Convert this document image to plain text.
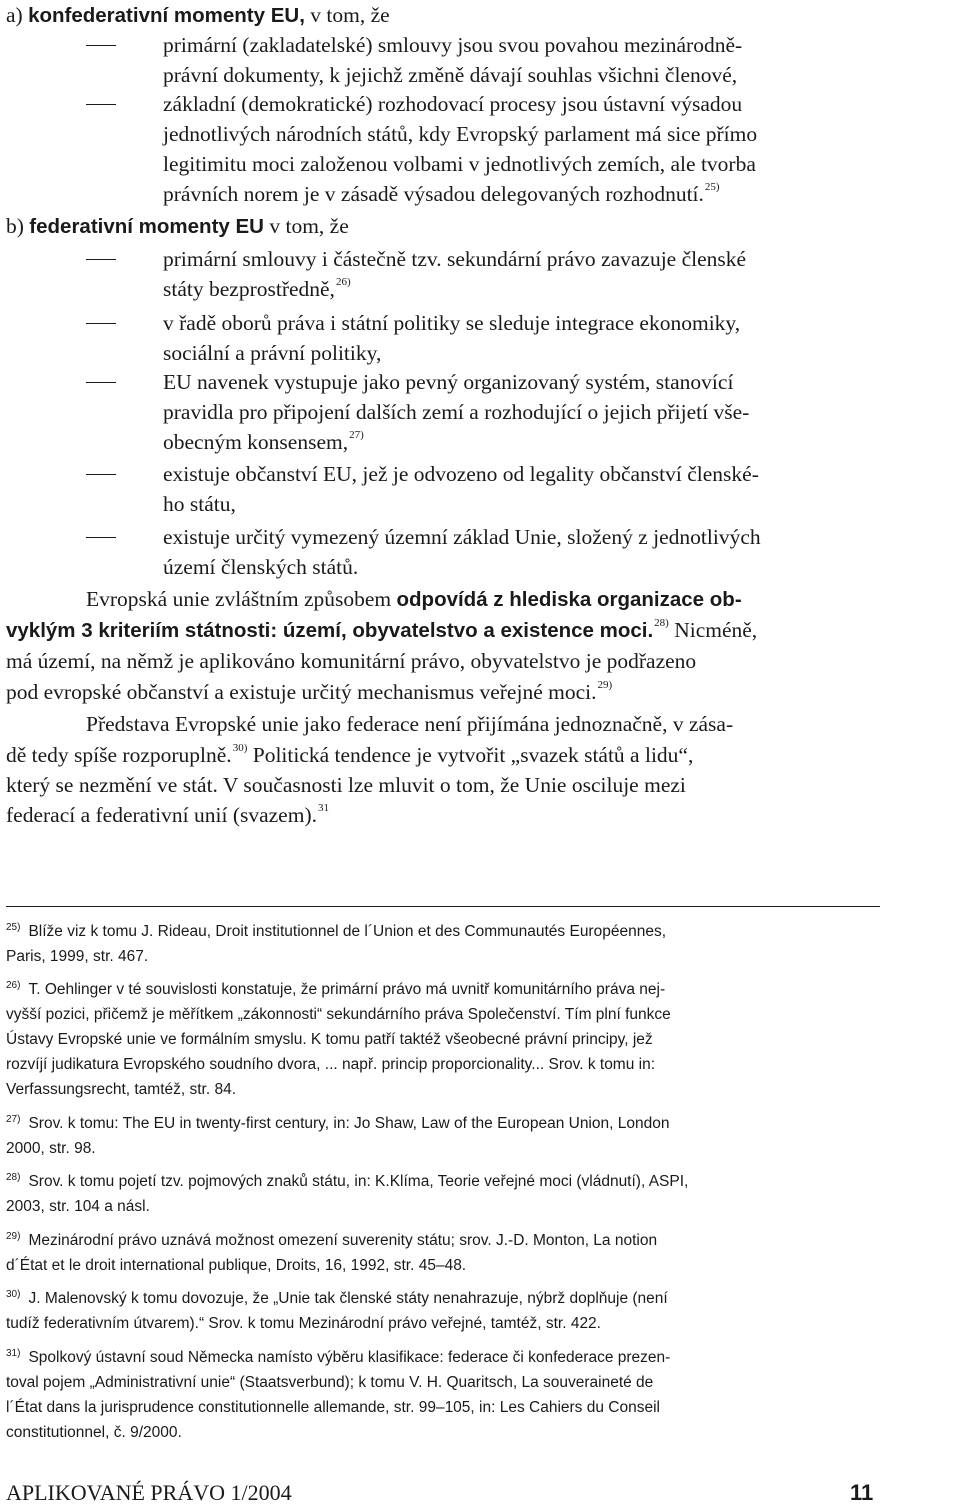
a) konfederativní momenty EU, v tom, že
primární (zakladatelské) smlouvy jsou svou povahou mezinárodně-
právní dokumenty, k jejichž změně dávají souhlas všichni členové,
základní (demokratické) rozhodovací procesy jsou ústavní výsadou
jednotlivých národních států, kdy Evropský parlament má sice přímo
legitimitu moci založenou volbami v jednotlivých zemích, ale tvorba
právních norem je v zásadě výsadou delegovaných rozhodnutí.$^{25)}$
b) federativní momenty EU v tom, že
primární smlouvy i částečně tzv. sekundární právo zavazuje členské
státy bezprostředně,$^{26)}$
v řadě oborů práva i státní politiky se sleduje integrace ekonomiky,
sociální a právní politiky,
EU navenek vystupuje jako pevný organizovaný systém, stanovící
pravidla pro připojení dalších zemí a rozhodující o jejich přijetí vše-
obecným konsensem,$^{27)}$
existuje občanství EU, jež je odvozeno od legality občanství členské-
ho státu,
existuje určitý vymezený územní základ Unie, složený z jednotlivých
území členských států.
Evropská unie zvláštním způsobem odpovídá z hlediska organizace ob-
vyklým 3 kriteriím státnosti: území, obyvatelstvo a existence moci.$^{28)}$ Nicméně,
má území, na němž je aplikováno komunitární právo, obyvatelstvo je podřazeno
pod evropské občanství a existuje určitý mechanismus veřejné moci.$^{29)}$
Představa Evropské unie jako federace není přijímána jednoznačně, v zása-
dě tedy spíše rozporuplně.$^{30)}$ Politická tendence je vytvořit „svazek států a lidu“,
který se nezmění ve stát. V současnosti lze mluvit o tom, že Unie osciluje mezi
federací a federativní unií (svazem).$^{31}$
$^{25)}$ Blíže viz k tomu J. Rideau, Droit institutionnel de l´Union et des Communautés Européennes,
Paris, 1999, str. 467.
$^{26)}$ T. Oehlinger v té souvislosti konstatuje, že primární právo má uvnitř komunitárního práva nej-
vyšší pozici, přičemž je měřítkem „zákonnosti“ sekundárního práva Společenství. Tím plní funkce
Ústavy Evropské unie ve formálním smyslu. K tomu patří taktéž všeobecné právní principy, jež
rozvíjí judikatura Evropského soudního dvora, ... např. princip proporcionality... Srov. k tomu in:
Verfassungsrecht, tamtéž, str. 84.
$^{27)}$ Srov. k tomu: The EU in twenty-first century, in: Jo Shaw, Law of the European Union, London
2000, str. 98.
$^{28)}$ Srov. k tomu pojetí tzv. pojmových znaků státu, in: K.Klíma, Teorie veřejné moci (vládnutí), ASPI,
2003, str. 104 a násl.
$^{29)}$ Mezinárodní právo uznává možnost omezení suverenity státu; srov. J.-D. Monton, La notion
d´État et le droit international publique, Droits, 16, 1992, str. 45–48.
$^{30)}$ J. Malenovský k tomu dovozuje, že „Unie tak členské státy nenahrazuje, nýbrž doplňuje (není
tudíž federativním útvarem).“ Srov. k tomu Mezinárodní právo veřejné, tamtéž, str. 422.
$^{31)}$ Spolkový ústavní soud Německa namísto výběru klasifikace: federace či konfederace prezen-
toval pojem „Administrativní unie“ (Staatsverbund); k tomu V. H. Quaritsch, La souveraineté de
l´État dans la jurisprudence constitutionnelle allemande, str. 99–105, in: Les Cahiers du Conseil
constitutionnel, č. 9/2000.
APLIKOVANÉ PRÁVO 1/2004	11
